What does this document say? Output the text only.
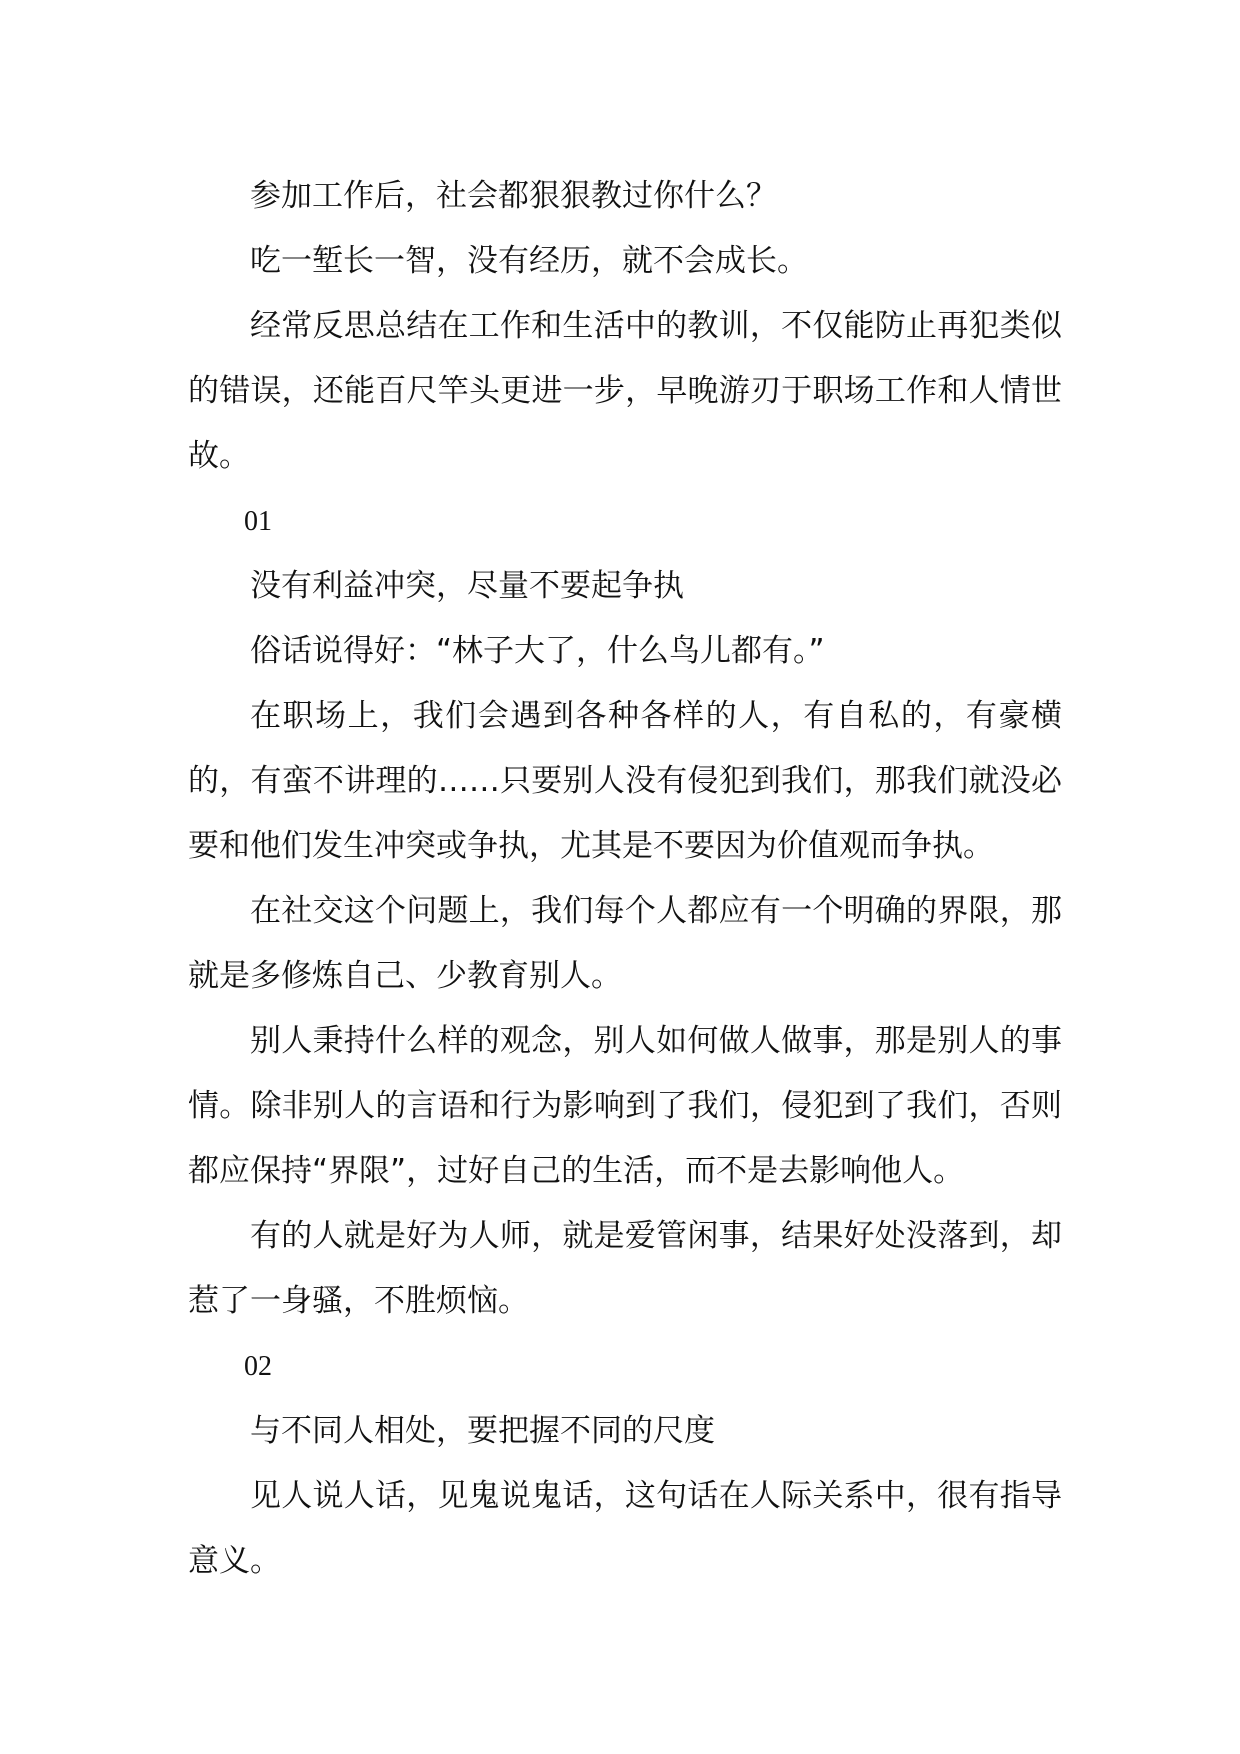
参加工作后，社会都狠狠教过你什么？

吃一堑长一智，没有经历，就不会成长。

经常反思总结在工作和生活中的教训，不仅能防止再犯类似的错误，还能百尺竿头更进一步，早晚游刃于职场工作和人情世故。

01

没有利益冲突，尽量不要起争执

俗话说得好：“林子大了，什么鸟儿都有。”

在职场上，我们会遇到各种各样的人，有自私的，有豪横的，有蛮不讲理的……只要别人没有侵犯到我们，那我们就没必要和他们发生冲突或争执，尤其是不要因为价值观而争执。

在社交这个问题上，我们每个人都应有一个明确的界限，那就是多修炼自己、少教育别人。

别人秉持什么样的观念，别人如何做人做事，那是别人的事情。除非别人的言语和行为影响到了我们，侵犯到了我们，否则都应保持“界限”，过好自己的生活，而不是去影响他人。

有的人就是好为人师，就是爱管闲事，结果好处没落到，却惹了一身骚，不胜烦恼。

02

与不同人相处，要把握不同的尺度

见人说人话，见鬼说鬼话，这句话在人际关系中，很有指导意义。
